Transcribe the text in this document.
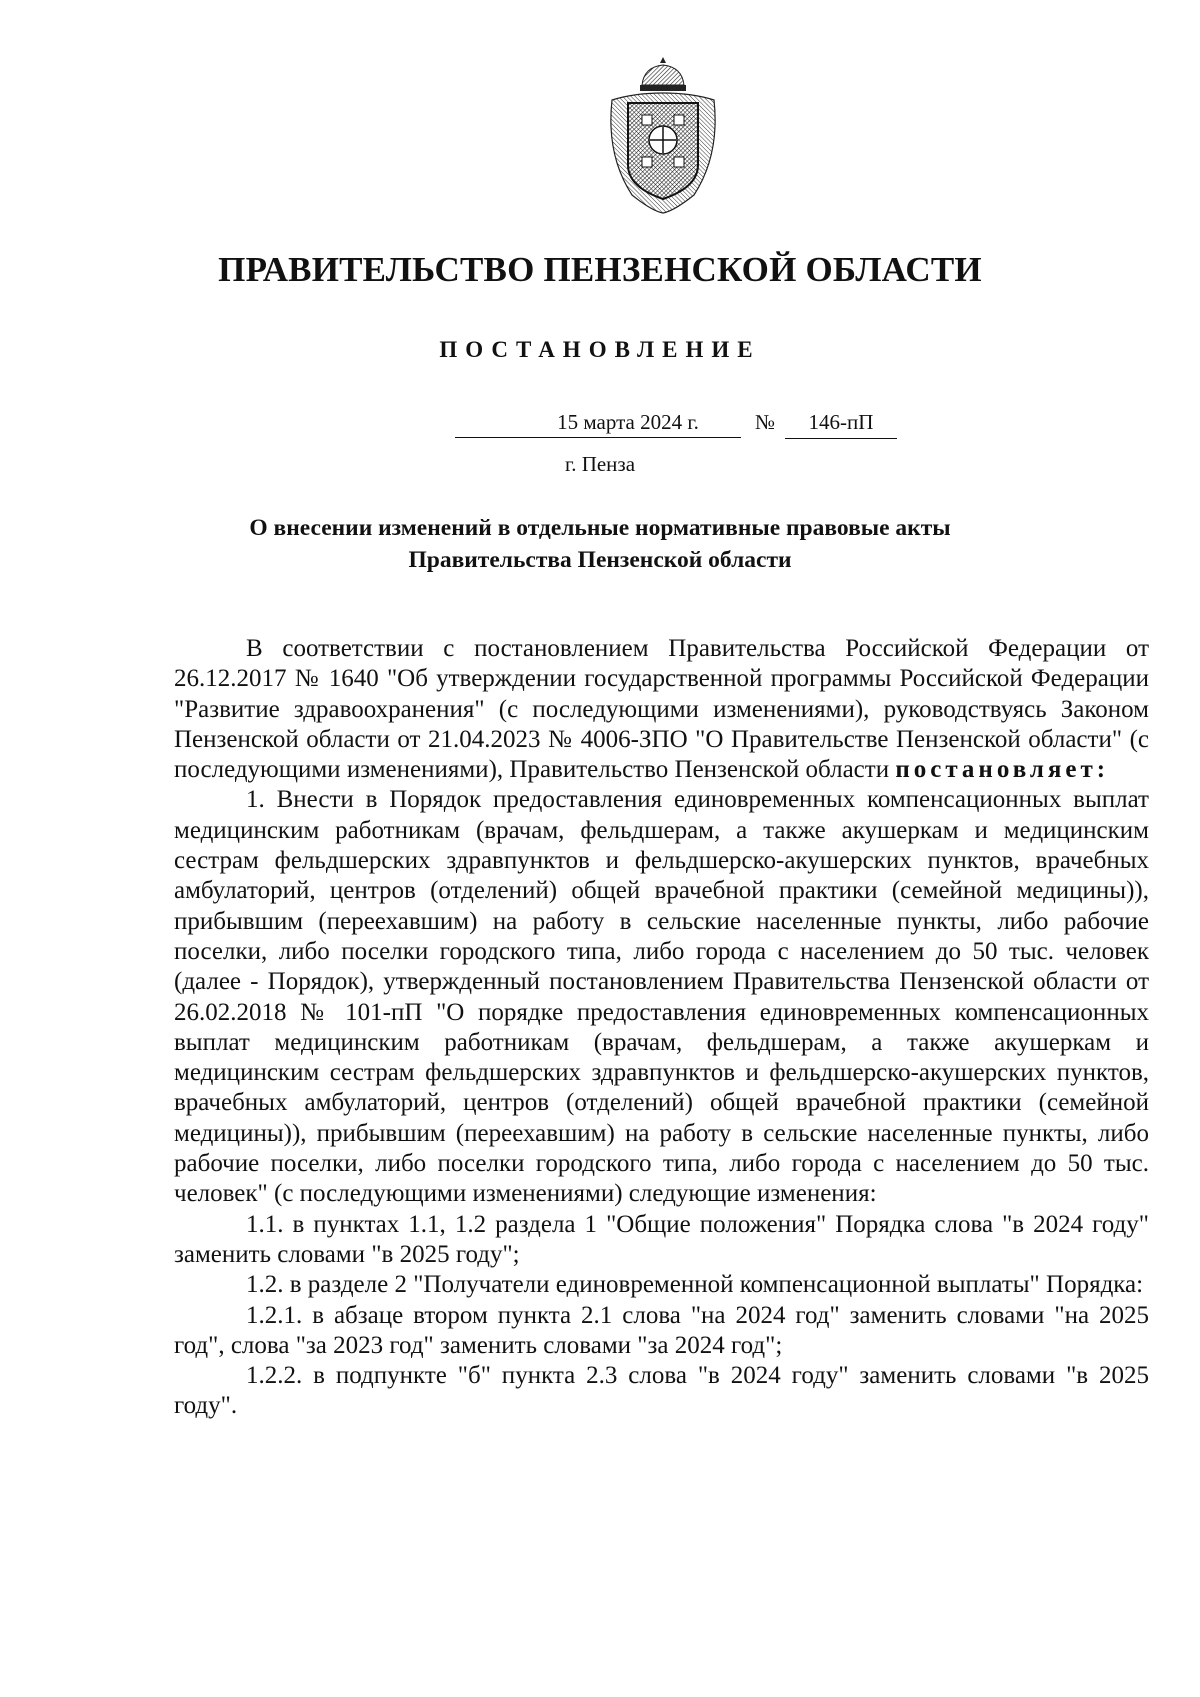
ПРАВИТЕЛЬСТВО ПЕНЗЕНСКОЙ ОБЛАСТИ
ПОСТАНОВЛЕНИЕ
15 марта 2024 г.	№	146-пП
г. Пенза
О внесении изменений в отдельные нормативные правовые акты
Правительства Пензенской области

В соответствии с постановлением Правительства Российской Федерации от 26.12.2017 № 1640 "Об утверждении государственной программы Российской Федерации "Развитие здравоохранения" (с последующими изменениями), руководствуясь Законом Пензенской области от 21.04.2023 № 4006-ЗПО "О Правительстве Пензенской области" (с последующими изменениями), Правительство Пензенской области постановляет:

1. Внести в Порядок предоставления единовременных компенсационных выплат медицинским работникам (врачам, фельдшерам, а также акушеркам и медицинским сестрам фельдшерских здравпунктов и фельдшерско-акушерских пунктов, врачебных амбулаторий, центров (отделений) общей врачебной практики (семейной медицины)), прибывшим (переехавшим) на работу в сельские населенные пункты, либо рабочие поселки, либо поселки городского типа, либо города с населением до 50 тыс. человек (далее - Порядок), утвержденный постановлением Правительства Пензенской области от 26.02.2018 № 101-пП "О порядке предоставления единовременных компенсационных выплат медицинским работникам (врачам, фельдшерам, а также акушеркам и медицинским сестрам фельдшерских здравпунктов и фельдшерско-акушерских пунктов, врачебных амбулаторий, центров (отделений) общей врачебной практики (семейной медицины)), прибывшим (переехавшим) на работу в сельские населенные пункты, либо рабочие поселки, либо поселки городского типа, либо города с населением до 50 тыс. человек" (с последующими изменениями) следующие изменения:

1.1. в пунктах 1.1, 1.2 раздела 1 "Общие положения" Порядка слова "в 2024 году" заменить словами "в 2025 году";

1.2. в разделе 2 "Получатели единовременной компенсационной выплаты" Порядка:

1.2.1. в абзаце втором пункта 2.1 слова "на 2024 год" заменить словами "на 2025 год", слова "за 2023 год" заменить словами "за 2024 год";

1.2.2. в подпункте "б" пункта 2.3 слова "в 2024 году" заменить словами "в 2025 году".
